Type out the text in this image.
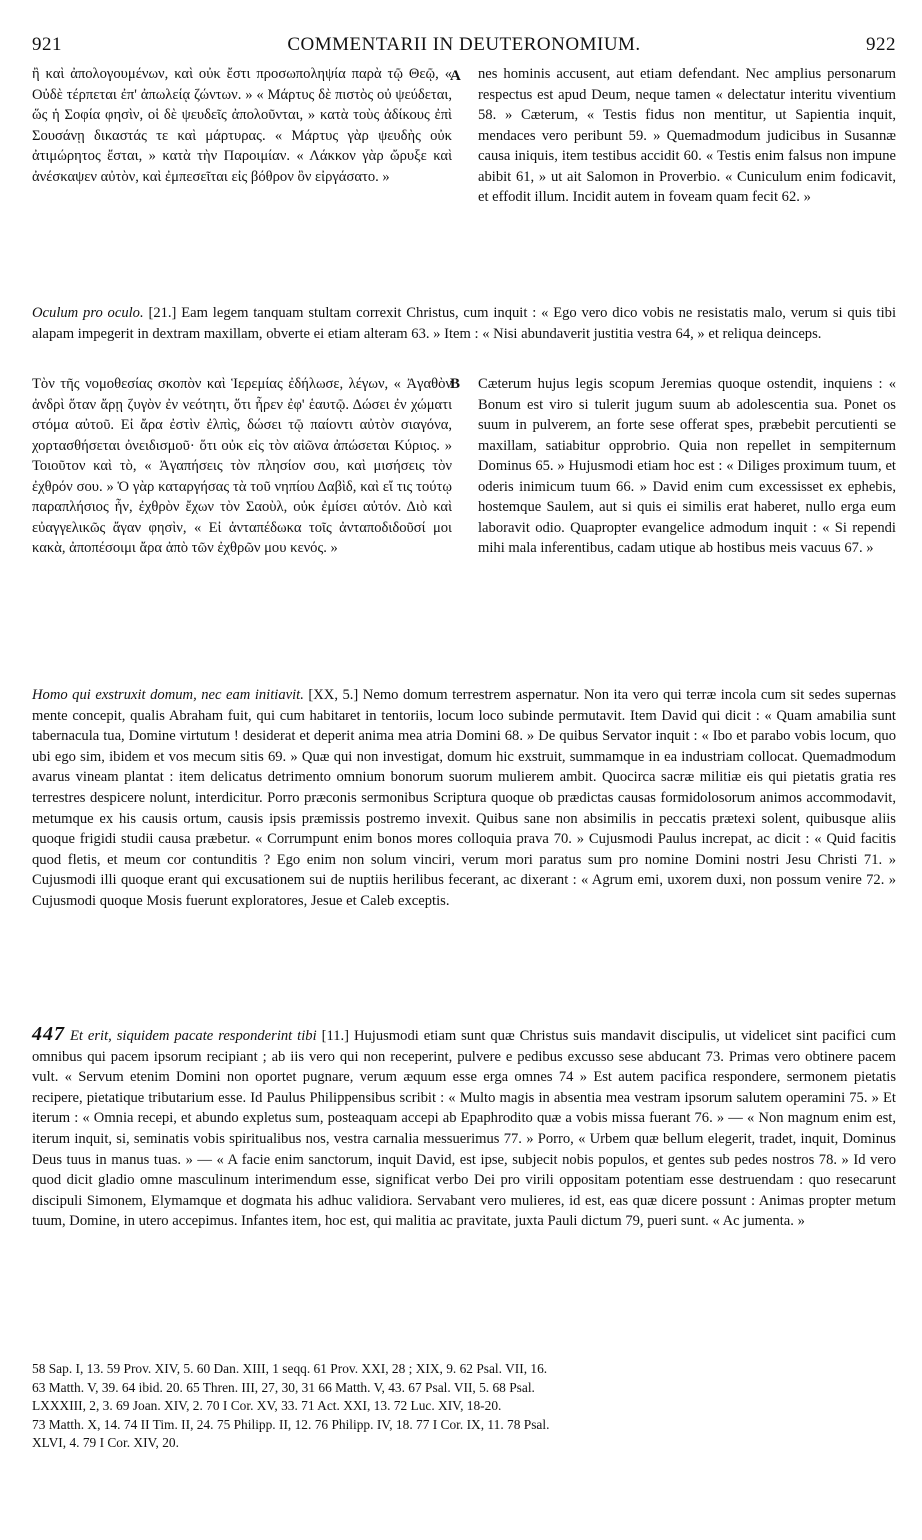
921	COMMENTARII IN DEUTERONOMIUM.	922
ἢ καὶ ἀπολογουμένων, καὶ οὐκ ἔστι προσωποληψία παρὰ τῷ Θεῷ, « Οὐδὲ τέρπεται ἐπ' ἀπωλείᾳ ζώντων. » « Μάρτυς δὲ πιστὸς οὐ ψεύδεται, ὥς ἡ Σοφία φησὶν, οἱ δὲ ψευδεῖς ἀπολοῦνται, » κατὰ τοὺς ἀδίκους ἐπὶ Σουσάνῃ δικαστάς τε καὶ μάρτυρας. « Μάρτυς γὰρ ψευδὴς οὐκ ἀτιμώρητος ἔσται, » κατὰ τὴν Παροιμίαν. « Λάκκον γὰρ ὤρυξε καὶ ἀνέσκαψεν αὐτὸν, καὶ ἐμπεσεῖται εἰς βόθρον ὃν εἰργάσατο. »
A nes hominis accusent, aut etiam defendant. Nec amplius personarum respectus est apud Deum, neque tamen « delectatur interitu viventium 58. » Cæterum, « Testis fidus non mentitur, ut Sapientia inquit, mendaces vero peribunt 59. » Quemadmodum judicibus in Susannæ causa iniquis, item testibus accidit 60. « Testis enim falsus non impune abibit 61, » ut ait Salomon in Proverbio. « Cuniculum enim fodicavit, et effodit illum. Incidit autem in foveam quam fecit 62. »

Oculum pro oculo. [21.] Eam legem tanquam stultam correxit Christus, cum inquit : « Ego vero dico vobis ne resistatis malo, verum si quis tibi alapam impegerit in dextram maxillam, obverte ei etiam alteram 63. » Item : « Nisi abundaverit justitia vestra 64, » et reliqua deinceps.

Τὸν τῆς νομοθεσίας σκοπὸν καὶ Ἱερεμίας ἐδήλωσε, λέγων, « Ἀγαθὸν ἀνδρὶ ὅταν ἄρῃ ζυγὸν ἐν νεότητι, ὅτι ἦρεν ἐφ' ἑαυτῷ. Δώσει ἐν χώματι στόμα αὐτοῦ. Εἰ ἄρα ἐστὶν ἐλπὶς, δώσει τῷ παίοντι αὐτὸν σιαγόνα, χορτασθήσεται ὀνειδισμοῦ· ὅτι οὐκ εἰς τὸν αἰῶνα ἀπώσεται Κύριος. » Τοιοῦτον καὶ τὸ, « Ἀγαπήσεις τὸν πλησίον σου, καὶ μισήσεις τὸν ἐχθρόν σου. » Ὁ γὰρ καταργήσας τὰ τοῦ νηπίου Δαβὶδ, καὶ εἴ τις τούτῳ παραπλήσιος ἦν, ἐχθρὸν ἔχων τὸν Σαοὺλ, οὐκ ἐμίσει αὐτόν. Διὸ καὶ εὐαγγελικῶς ἄγαν φησὶν, « Εἰ ἀνταπέδωκα τοῖς ἀνταποδιδοῦσί μοι κακὰ, ἀποπέσοιμι ἄρα ἀπὸ τῶν ἐχθρῶν μου κενός. »
B Cæterum hujus legis scopum Jeremias quoque ostendit, inquiens : « Bonum est viro si tulerit jugum suum ab adolescentia sua. Ponet os suum in pulverem, an forte sese offerat spes, præbebit percutienti se maxillam, satiabitur opprobrio. Quia non repellet in sempiternum Dominus 65. » Hujusmodi etiam hoc est : « Diliges proximum tuum, et oderis inimicum tuum 66. » David enim cum excessisset ex ephebis, hostemque Saulem, aut si quis ei similis erat haberet, nullo erga eum laboravit odio. Quapropter evangelice admodum inquit : « Si rependi mihi mala inferentibus, cadam utique ab hostibus meis vacuus 67. »

Homo qui exstruxit domum, nec eam initiavit. [XX, 5.] Nemo domum terrestrem aspernatur. Non ita vero qui terræ incola cum sit sedes supernas mente concepit, qualis Abraham fuit, qui cum habitaret in tentoriis, locum loco subinde permutavit. Item David qui dicit : « Quam amabilia sunt tabernacula tua, Domine virtutum ! desiderat et deperit anima mea atria Domini 68. » De quibus Servator inquit : « Ibo et parabo vobis locum, quo ubi ego sim, ibidem et vos mecum sitis 69. » Quæ qui non investigat, domum hic exstruit, summamque in ea industriam collocat. Quemadmodum avarus vineam plantat : item delicatus detrimento omnium bonorum suorum mulierem ambit. Quocirca sacræ militiæ eis qui pietatis gratia res terrestres despicere nolunt, interdicitur. Porro præconis sermonibus Scriptura quoque ob prædictas causas formidolosorum animos accommodavit, metumque ex his causis ortum, causis ipsis præmissis postremo invexit. Quibus sane non absimilis in peccatis prætexi solent, quibusque aliis quoque frigidi studii causa præbetur. « Corrumpunt enim bonos mores colloquia prava 70. » Cujusmodi Paulus increpat, ac dicit : « Quid facitis quod fletis, et meum cor contunditis ? Ego enim non solum vinciri, verum mori paratus sum pro nomine Domini nostri Jesu Christi 71. » Cujusmodi illi quoque erant qui excusationem sui de nuptiis herilibus fecerant, ac dixerant : « Agrum emi, uxorem duxi, non possum venire 72. » Cujusmodi quoque Mosis fuerunt exploratores, Jesue et Caleb exceptis.

447 Et erit, siquidem pacate responderint tibi [11.] Hujusmodi etiam sunt quæ Christus suis mandavit discipulis, ut videlicet sint pacifici cum omnibus qui pacem ipsorum recipiant ; ab iis vero qui non receperint, pulvere e pedibus excusso sese abducant 73. Primas vero obtinere pacem vult. « Servum etenim Domini non oportet pugnare, verum æquum esse erga omnes 74 » Est autem pacifica respondere, sermonem pietatis recipere, pietatique tributarium esse. Id Paulus Philippensibus scribit : « Multo magis in absentia mea vestram ipsorum salutem operamini 75. » Et iterum : « Omnia recepi, et abundo expletus sum, posteaquam accepi ab Epaphrodito quæ a vobis missa fuerant 76. » — « Non magnum enim est, iterum inquit, si, seminatis vobis spiritualibus nos, vestra carnalia messuerimus 77. » Porro, « Urbem quæ bellum elegerit, tradet, inquit, Dominus Deus tuus in manus tuas. » — « A facie enim sanctorum, inquit David, est ipse, subjecit nobis populos, et gentes sub pedes nostros 78. » Id vero quod dicit gladio omne masculinum interimendum esse, significat verbo Dei pro virili oppositam potentiam esse destruendam : quo resecarunt discipuli Simonem, Elymamque et dogmata his adhuc validiora. Servabant vero mulieres, id est, eas quæ dicere possunt : Animas propter metum tuum, Domine, in utero accepimus. Infantes item, hoc est, qui malitia ac pravitate, juxta Pauli dictum 79, pueri sunt. « Ac jumenta. »

58 Sap. I, 13. 59 Prov. XIV, 5. 60 Dan. XIII, 1 seqq. 61 Prov. XXI, 28 ; XIX, 9. 62 Psal. VII, 16.

63 Matth. V, 39. 64 ibid. 20. 65 Thren. III, 27, 30, 31 66 Matth. V, 43. 67 Psal. VII, 5. 68 Psal.

LXXXIII, 2, 3. 69 Joan. XIV, 2. 70 I Cor. XV, 33. 71 Act. XXI, 13. 72 Luc. XIV, 18-20.

73 Matth. X, 14. 74 II Tim. II, 24. 75 Philipp. II, 12. 76 Philipp. IV, 18. 77 I Cor. IX, 11. 78 Psal.

XLVI, 4. 79 I Cor. XIV, 20.
